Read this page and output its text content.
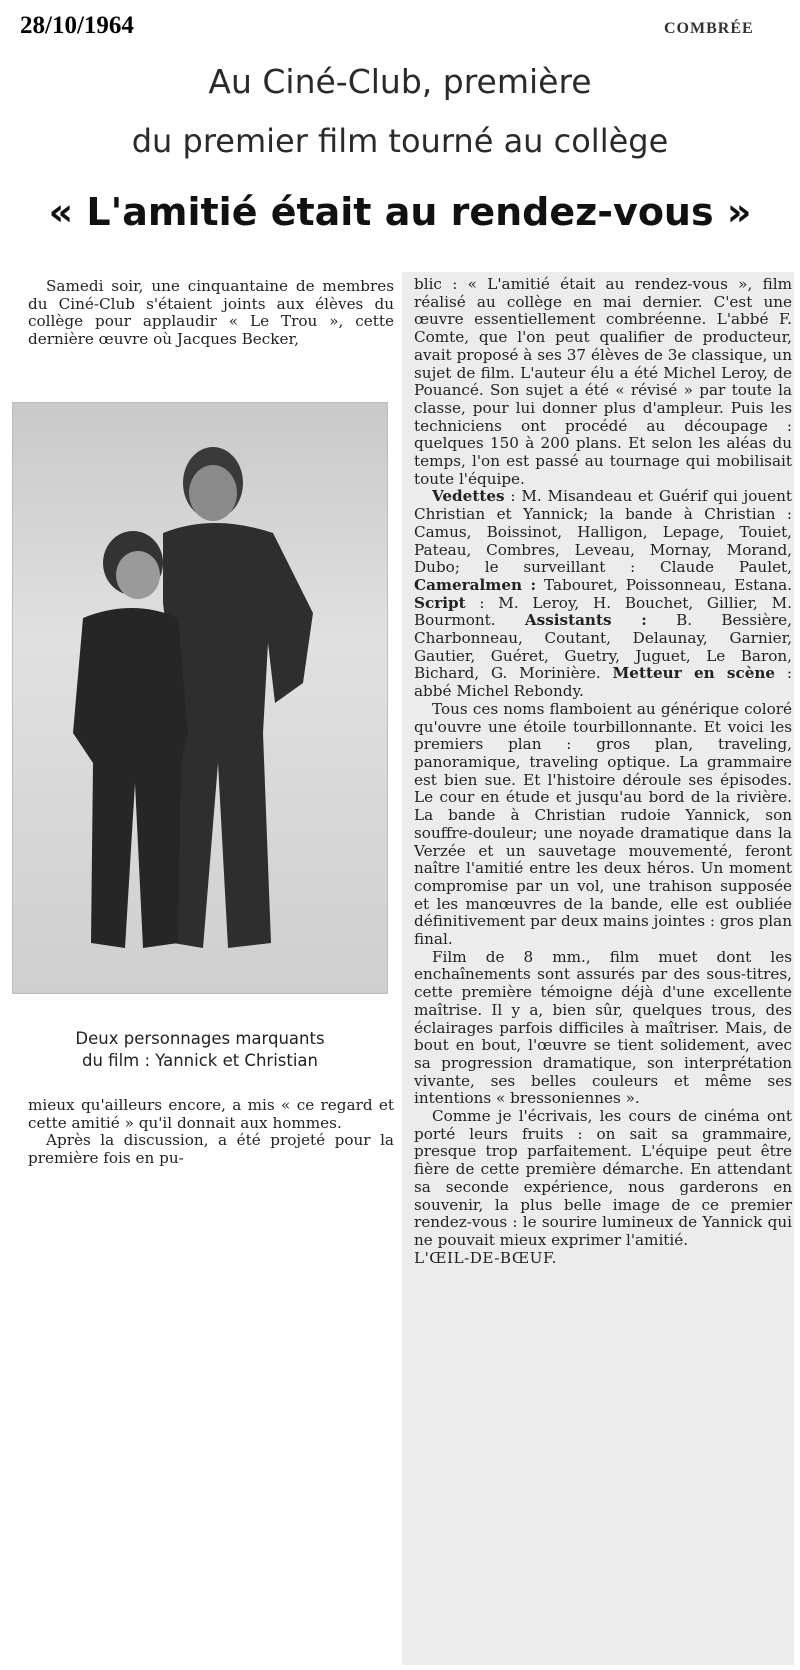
28/10/1964	COMBRÉE
Au Ciné-Club, première
du premier film tourné au collège
« L'amitié était au rendez-vous »

Samedi soir, une cinquantaine de membres du Ciné-Club s'étaient joints aux élèves du collège pour applaudir « Le Trou », cette dernière œuvre où Jacques Becker,

Deux personnages marquants
du film : Yannick et Christian

mieux qu'ailleurs encore, a mis « ce regard et cette amitié » qu'il donnait aux hommes.

Après la discussion, a été projeté pour la première fois en pu-

blic : « L'amitié était au rendez-vous », film réalisé au collège en mai dernier. C'est une œuvre essentiellement combréenne. L'abbé F. Comte, que l'on peut qualifier de producteur, avait proposé à ses 37 élèves de 3e classique, un sujet de film. L'auteur élu a été Michel Leroy, de Pouancé. Son sujet a été « révisé » par toute la classe, pour lui donner plus d'ampleur. Puis les techniciens ont procédé au découpage : quelques 150 à 200 plans. Et selon les aléas du temps, l'on est passé au tournage qui mobilisait toute l'équipe.

Vedettes : M. Misandeau et Guérif qui jouent Christian et Yannick; la bande à Christian : Camus, Boissinot, Halligon, Lepage, Touiet, Pateau, Combres, Leveau, Mornay, Morand, Dubo; le surveillant : Claude Paulet, Cameralmen : Tabouret, Poissonneau, Estana. Script : M. Leroy, H. Bouchet, Gillier, M. Bourmont. Assistants : B. Bessière, Charbonneau, Coutant, Delaunay, Garnier, Gautier, Guéret, Guetry, Juguet, Le Baron, Bichard, G. Morinière. Metteur en scène : abbé Michel Rebondy.

Tous ces noms flamboient au générique coloré qu'ouvre une étoile tourbillonnante. Et voici les premiers plan : gros plan, traveling, panoramique, traveling optique. La grammaire est bien sue. Et l'histoire déroule ses épisodes. Le cour en étude et jusqu'au bord de la rivière. La bande à Christian rudoie Yannick, son souffre-douleur; une noyade dramatique dans la Verzée et un sauvetage mouvementé, feront naître l'amitié entre les deux héros. Un moment compromise par un vol, une trahison supposée et les manœuvres de la bande, elle est oubliée définitivement par deux mains jointes : gros plan final.

Film de 8 mm., film muet dont les enchaînements sont assurés par des sous-titres, cette première témoigne déjà d'une excellente maîtrise. Il y a, bien sûr, quelques trous, des éclairages parfois difficiles à maîtriser. Mais, de bout en bout, l'œuvre se tient solidement, avec sa progression dramatique, son interprétation vivante, ses belles couleurs et même ses intentions « bressoniennes ».

Comme je l'écrivais, les cours de cinéma ont porté leurs fruits : on sait sa grammaire, presque trop parfaitement. L'équipe peut être fière de cette première démarche. En attendant sa seconde expérience, nous garderons en souvenir, la plus belle image de ce premier rendez-vous : le sourire lumineux de Yannick qui ne pouvait mieux exprimer l'amitié.

L'ŒIL-DE-BŒUF.
